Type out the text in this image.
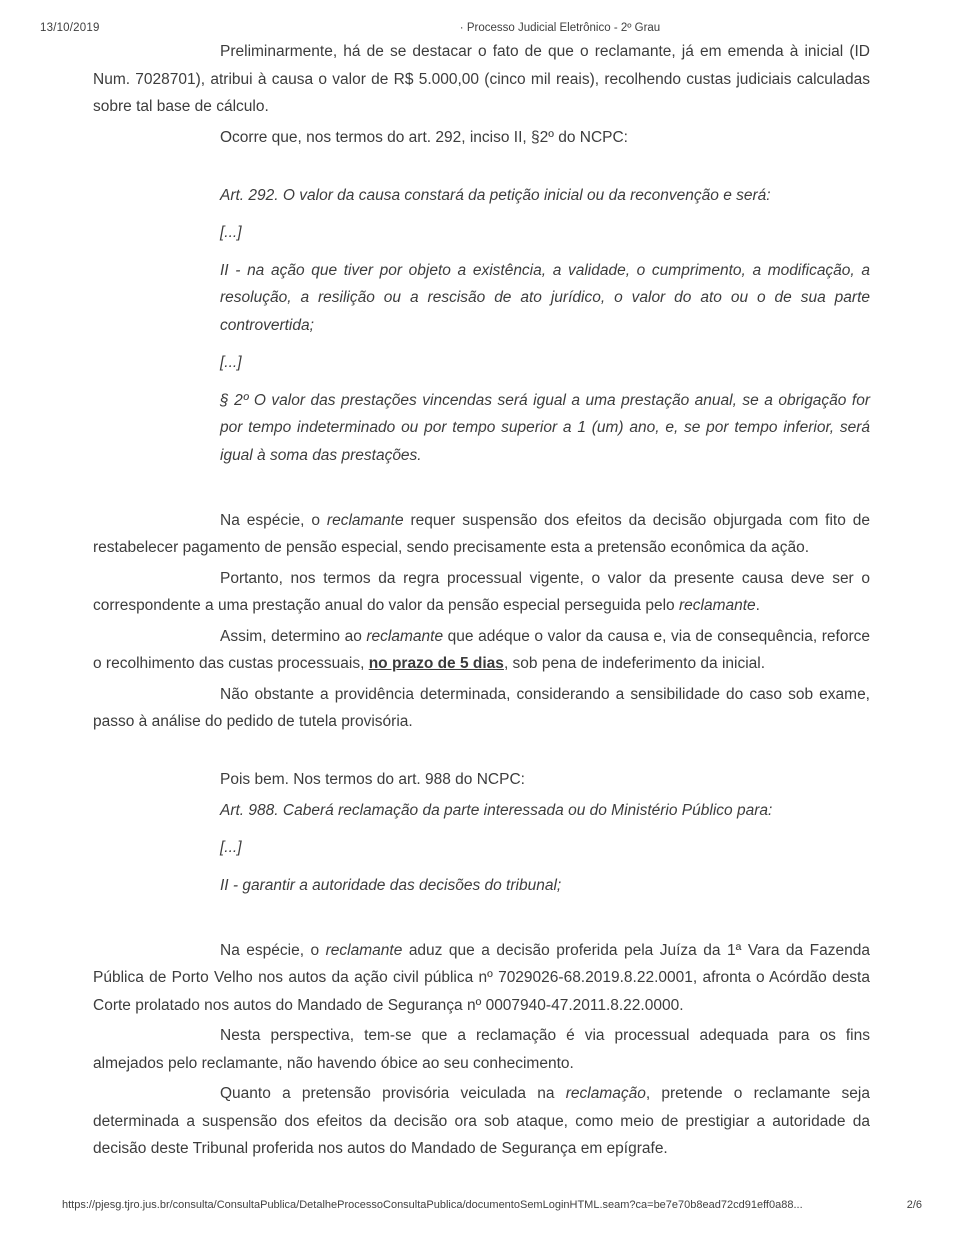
13/10/2019	· Processo Judicial Eletrônico - 2º Grau
Preliminarmente, há de se destacar o fato de que o reclamante, já em emenda à inicial (ID Num. 7028701), atribui à causa o valor de R$ 5.000,00 (cinco mil reais), recolhendo custas judiciais calculadas sobre tal base de cálculo.
Ocorre que, nos termos do art. 292, inciso II, §2º do NCPC:
Art. 292. O valor da causa constará da petição inicial ou da reconvenção e será:
[...]
II - na ação que tiver por objeto a existência, a validade, o cumprimento, a modificação, a resolução, a resilição ou a rescisão de ato jurídico, o valor do ato ou o de sua parte controvertida;
[...]
§ 2º O valor das prestações vincendas será igual a uma prestação anual, se a obrigação for por tempo indeterminado ou por tempo superior a 1 (um) ano, e, se por tempo inferior, será igual à soma das prestações.
Na espécie, o reclamante requer suspensão dos efeitos da decisão objurgada com fito de restabelecer pagamento de pensão especial, sendo precisamente esta a pretensão econômica da ação.
Portanto, nos termos da regra processual vigente, o valor da presente causa deve ser o correspondente a uma prestação anual do valor da pensão especial perseguida pelo reclamante.
Assim, determino ao reclamante que adéque o valor da causa e, via de consequência, reforce o recolhimento das custas processuais, no prazo de 5 dias, sob pena de indeferimento da inicial.
Não obstante a providência determinada, considerando a sensibilidade do caso sob exame, passo à análise do pedido de tutela provisória.
Pois bem. Nos termos do art. 988 do NCPC:
Art. 988. Caberá reclamação da parte interessada ou do Ministério Público para:
[...]
II - garantir a autoridade das decisões do tribunal;
Na espécie, o reclamante aduz que a decisão proferida pela Juíza da 1ª Vara da Fazenda Pública de Porto Velho nos autos da ação civil pública nº 7029026-68.2019.8.22.0001, afronta o Acórdão desta Corte prolatado nos autos do Mandado de Segurança nº 0007940-47.2011.8.22.0000.
Nesta perspectiva, tem-se que a reclamação é via processual adequada para os fins almejados pelo reclamante, não havendo óbice ao seu conhecimento.
Quanto a pretensão provisória veiculada na reclamação, pretende o reclamante seja determinada a suspensão dos efeitos da decisão ora sob ataque, como meio de prestigiar a autoridade da decisão deste Tribunal proferida nos autos do Mandado de Segurança em epígrafe.
https://pjesg.tjro.jus.br/consulta/ConsultaPublica/DetalheProcessoConsultaPublica/documentoSemLoginHTML.seam?ca=be7e70b8ead72cd91eff0a88...	2/6
